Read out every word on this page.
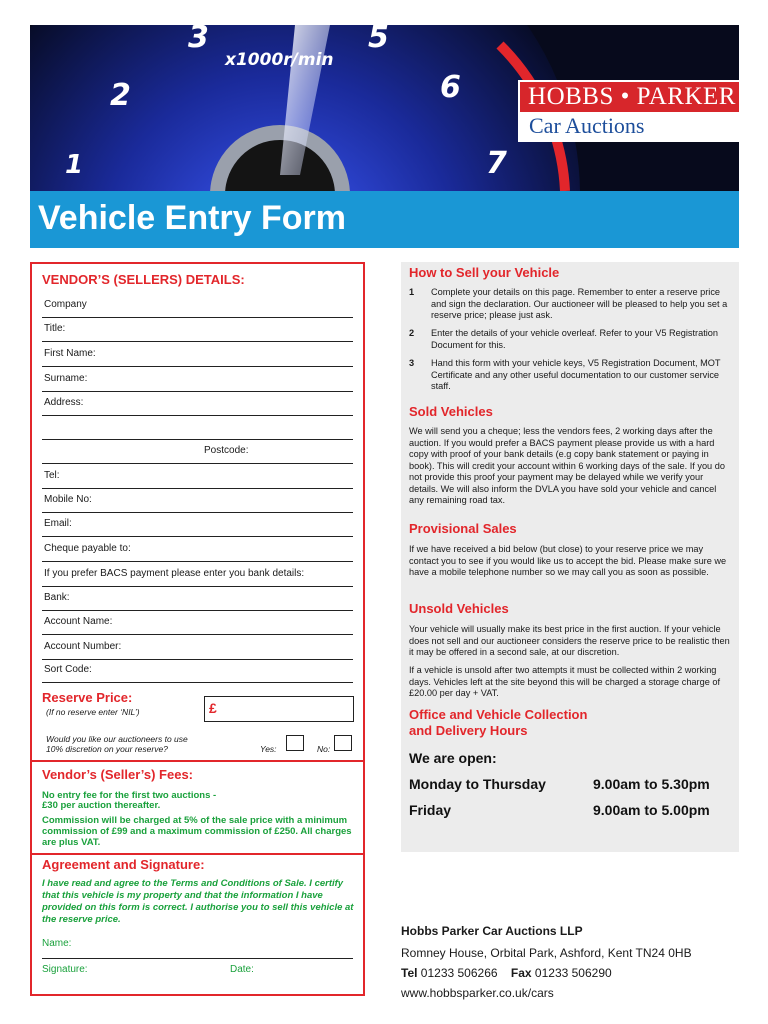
1
2
3	5
6
7
x1000r/min
HOBBS • PARKER
Car Auctions
Vehicle Entry Form
VENDOR’S (SELLERS) DETAILS:
Company
Title:
First Name:
Surname:
Address:
Postcode:
Tel:
Mobile No:
Email:
Cheque payable to:
If you prefer BACS payment please enter you bank details:
Bank:
Account Name:
Account Number:
Sort Code:
Reserve Price:
(If no reserve enter ‘NIL’)	£
Would you like our auctioneers to use
10% discretion on your reserve?	Yes:	No:
Vendor’s (Seller’s) Fees:
No entry fee for the first two auctions -
£30 per auction thereafter.
Commission will be charged at 5% of the sale price with a minimum commission of £99 and a maximum commission of £250. All charges are plus VAT.
Agreement and Signature:
I have read and agree to the Terms and Conditions of Sale. I certify that this vehicle is my property and that the information I have provided on this form is correct. I authorise you to sell this vehicle at the reserve price.
Name:
Signature:	Date:
How to Sell your Vehicle
1 Complete your details on this page. Remember to enter a reserve price and sign the declaration. Our auctioneer will be pleased to help you set a reserve price; please just ask.
2 Enter the details of your vehicle overleaf. Refer to your V5 Registration Document for this.
3 Hand this form with your vehicle keys, V5 Registration Document, MOT Certificate and any other useful documentation to our customer service staff.
Sold Vehicles
We will send you a cheque; less the vendors fees, 2 working days after the auction. If you would prefer a BACS payment please provide us with a hard copy with proof of your bank details (e.g copy bank statement or paying in book). This will credit your account within 6 working days of the sale. If you do not provide this proof your payment may be delayed while we verify your details. We will also inform the DVLA you have sold your vehicle and cancel any remaining road tax.
Provisional Sales
If we have received a bid below (but close) to your reserve price we may contact you to see if you would like us to accept the bid. Please make sure we have a mobile telephone number so we may call you as soon as possible.
Unsold Vehicles
Your vehicle will usually make its best price in the first auction. If your vehicle does not sell and our auctioneer considers the reserve price to be realistic then it may be offered in a second sale, at our discretion.
If a vehicle is unsold after two attempts it must be collected within 2 working days. Vehicles left at the site beyond this will be charged a storage charge of £20.00 per day + VAT.
Office and Vehicle Collection
and Delivery Hours
We are open:
Monday to Thursday	9.00am to 5.30pm
Friday	9.00am to 5.00pm
Hobbs Parker Car Auctions LLP
Romney House, Orbital Park, Ashford, Kent TN24 0HB
Tel 01233 506266 Fax 01233 506290
www.hobbsparker.co.uk/cars
